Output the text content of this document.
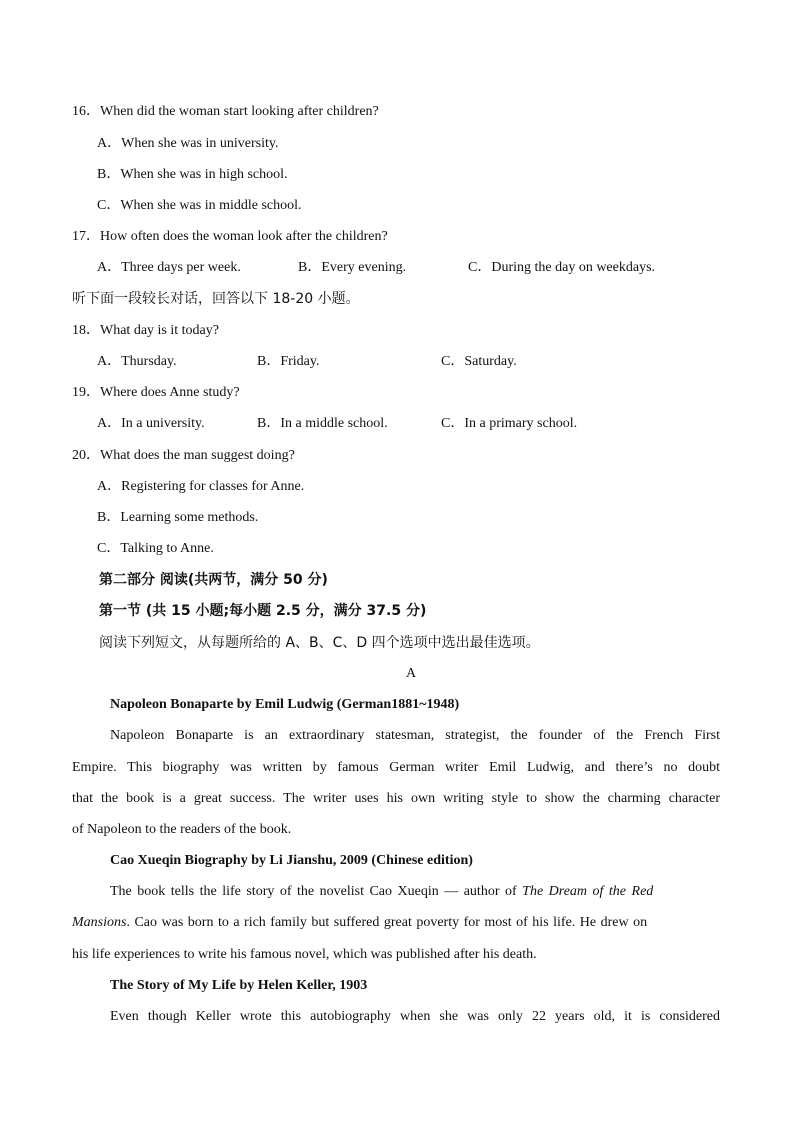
16．When did the woman start looking after children?
A．When she was in university.
B．When she was in high school.
C．When she was in middle school.
17．How often does the woman look after the children?
A．Three days per week.	B．Every evening.	C．During the day on weekdays.
听下面一段较长对话，回答以下 18-20 小题。
18．What day is it today?
A．Thursday.	B．Friday.	C．Saturday.
19．Where does Anne study?
A．In a university.	B．In a middle school.	C．In a primary school.
20．What does the man suggest doing?
A．Registering for classes for Anne.
B．Learning some methods.
C．Talking to Anne.
第二部分 阅读(共两节，满分 50 分)
第一节 (共 15 小题;每小题 2.5 分，满分 37.5 分)
阅读下列短文，从每题所给的 A、B、C、D 四个选项中选出最佳选项。
A
Napoleon Bonaparte by Emil Ludwig (German1881~1948)
Napoleon Bonaparte is an extraordinary statesman, strategist, the founder of the French First
Empire. This biography was written by famous German writer Emil Ludwig, and there’s no doubt
that the book is a great success. The writer uses his own writing style to show the charming character
of Napoleon to the readers of the book.
Cao Xueqin Biography by Li Jianshu, 2009 (Chinese edition)
The book tells the life story of the novelist Cao Xueqin — author of The Dream of the Red
Mansions. Cao was born to a rich family but suffered great poverty for most of his life. He drew on
his life experiences to write his famous novel, which was published after his death.
The Story of My Life by Helen Keller, 1903
Even though Keller wrote this autobiography when she was only 22 years old, it is considered
